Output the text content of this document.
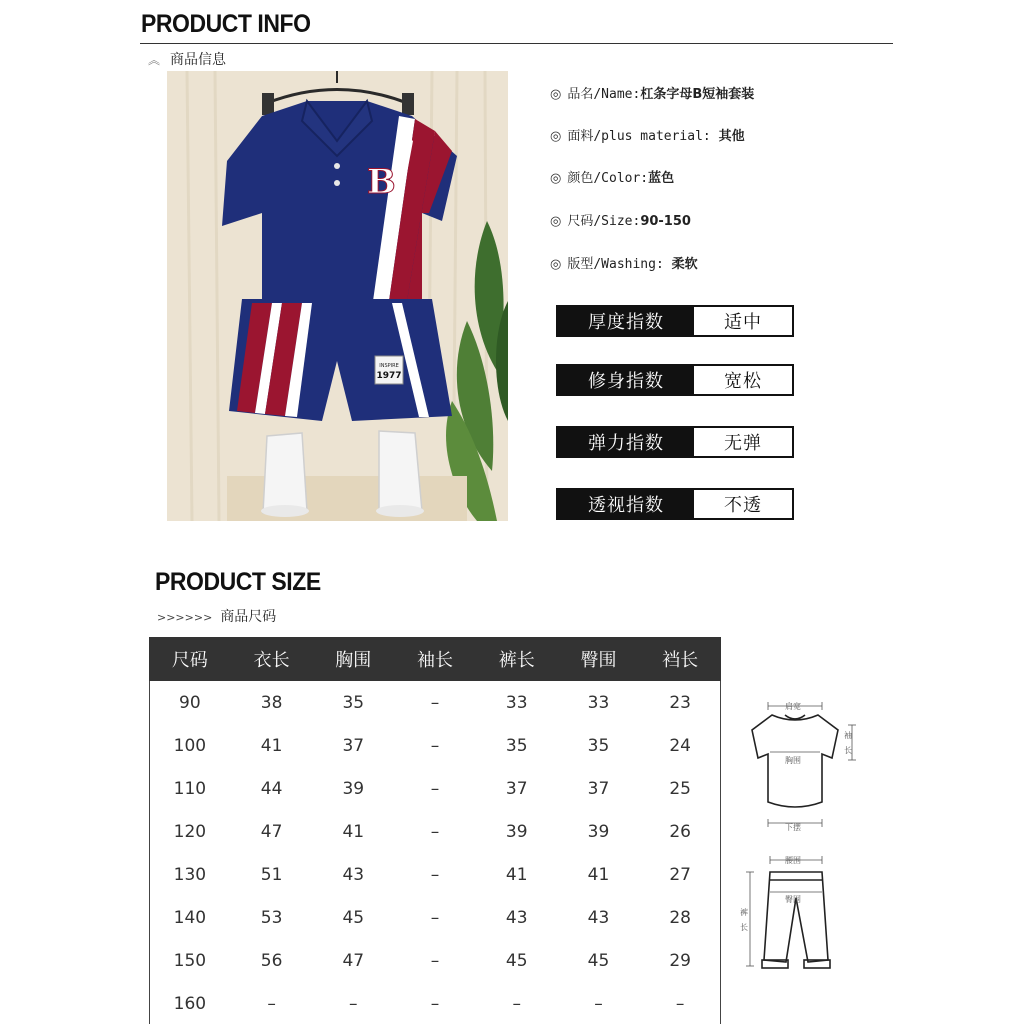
PRODUCT INFO
︽ 商品信息
B
INSPIRE
1977
◎ 品名/Name:杠条字母B短袖套装
◎ 面料/plus material: 其他
◎ 颜色/Color:蓝色
◎ 尺码/Size:90-150
◎ 版型/Washing: 柔软
厚度指数	适中
修身指数	宽松
弹力指数	无弹
透视指数	不透
PRODUCT SIZE
>>>>>> 商品尺码
尺码	衣长	胸围	袖长	裤长	臀围	裆长
90	38	35	–	33	33	23
100	41	37	–	35	35	24
110	44	39	–	37	37	25
120	47	41	–	39	39	26
130	51	43	–	41	41	27
140	53	45	–	43	43	28
150	56	47	–	45	45	29
160	–	–	–	–	–	–
肩宽
胸围
下摆
袖
长
腰围
臀围
裤
长
